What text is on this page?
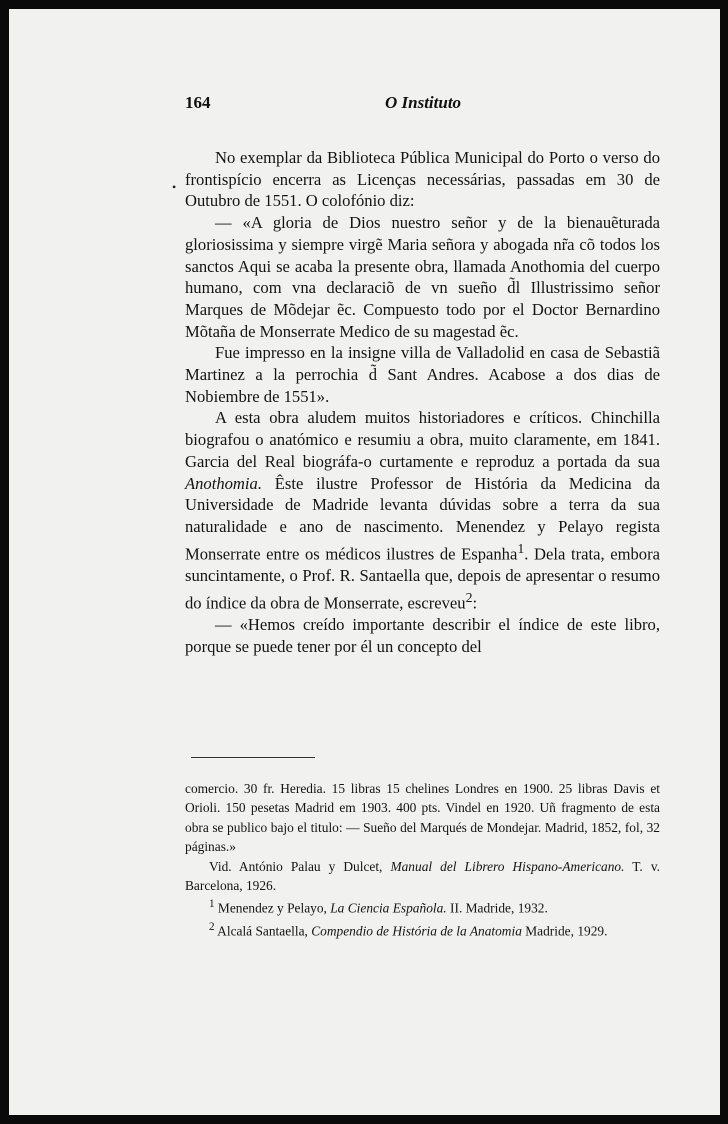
164	O Instituto
•

No exemplar da Biblioteca Pública Municipal do Porto o verso do frontispício encerra as Licenças necessárias, passadas em 30 de Outubro de 1551. O colofónio diz:

— «A gloria de Dios nuestro señor y de la bienauẽturada gloriosissima y siempre virgẽ Maria señora y abogada nr̃a cõ todos los sanctos Aqui se acaba la presente obra, llamada Anothomia del cuerpo humano, com vna declaraciõ de vn sueño d̃l Illustrissimo señor Marques de Mõdejar ẽc. Compuesto todo por el Doctor Bernardino Mõtaña de Monserrate Medico de su magestad ẽc.

Fue impresso en la insigne villa de Valladolid en casa de Sebastiã Martinez a la perrochia d̃ Sant Andres. Acabose a dos dias de Nobiembre de 1551».

A esta obra aludem muitos historiadores e críticos. Chinchilla biografou o anatómico e resumiu a obra, muito claramente, em 1841. Garcia del Real biográfa-o curtamente e reproduz a portada da sua Anothomia. Êste ilustre Professor de História da Medicina da Universidade de Madride levanta dúvidas sobre a terra da sua naturalidade e ano de nascimento. Menendez y Pelayo regista Monserrate entre os médicos ilustres de Espanha$^1$. Dela trata, embora suncintamente, o Prof. R. Santaella que, depois de apresentar o resumo do índice da obra de Monserrate, escreveu$^2$:

— «Hemos creído importante describir el índice de este libro, porque se puede tener por él un concepto del

comercio. 30 fr. Heredia. 15 libras 15 chelines Londres en 1900. 25 libras Davis et Orioli. 150 pesetas Madrid em 1903. 400 pts. Vindel en 1920. Uñ fragmento de esta obra se publico bajo el titulo: — Sueño del Marqués de Mondejar. Madrid, 1852, fol, 32 páginas.»

Vid. António Palau y Dulcet, Manual del Librero Hispano-Americano. T. v. Barcelona, 1926.

$^1$ Menendez y Pelayo, La Ciencia Española. II. Madride, 1932.

$^2$ Alcalá Santaella, Compendio de História de la Anatomia Madride, 1929.
